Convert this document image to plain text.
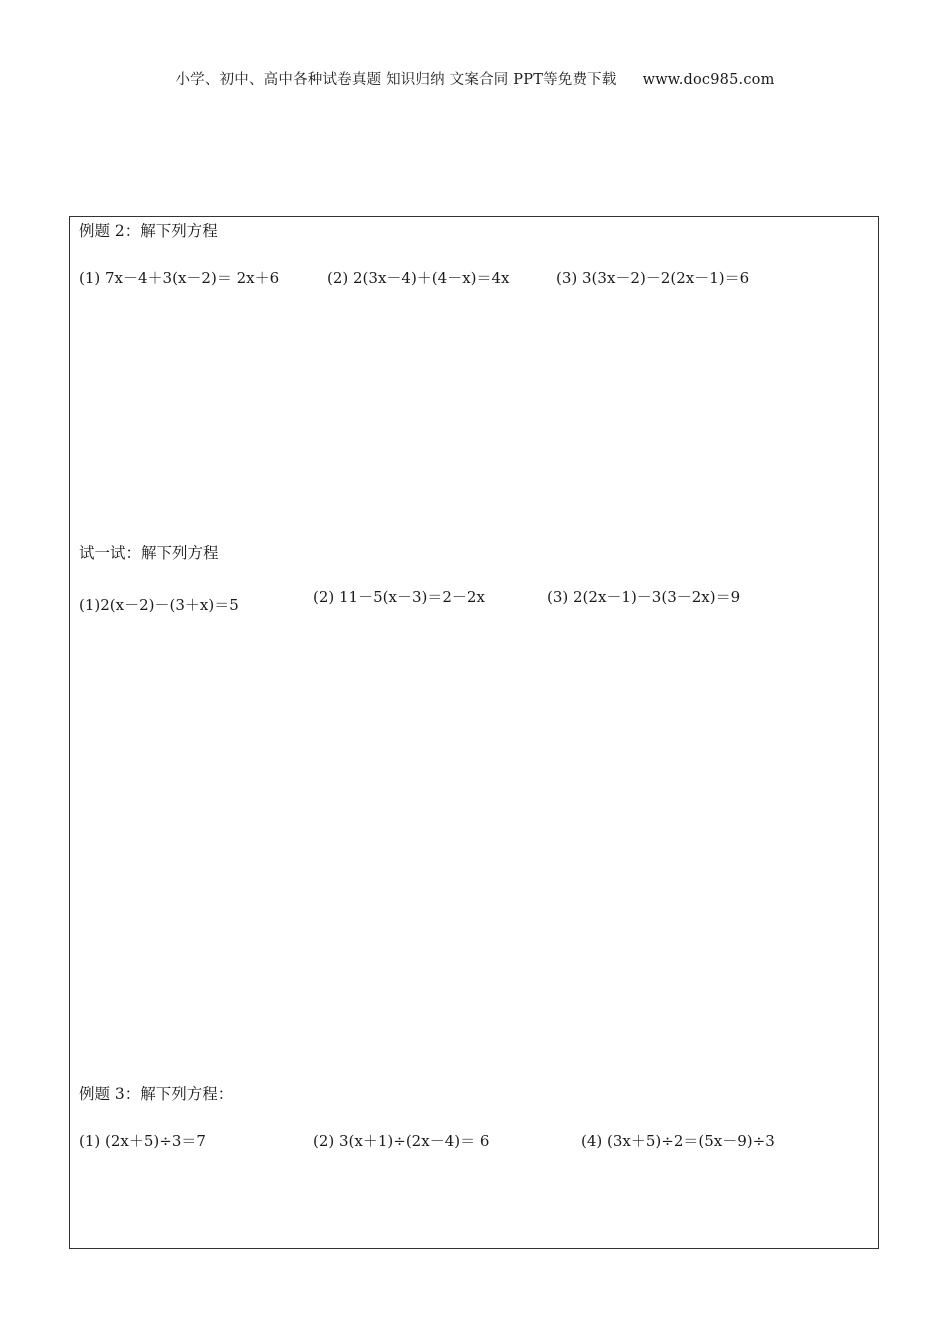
小学、初中、高中各种试卷真题 知识归纳 文案合同 PPT等免费下载 www.doc985.com
例题 2：解下列方程
(1) 7x－4＋3(x－2)＝ 2x＋6	(2) 2(3x－4)＋(4－x)＝4x	(3) 3(3x－2)－2(2x－1)＝6
试一试：解下列方程
(1)2(x－2)－(3＋x)＝5	(2) 11－5(x－3)＝2－2x	(3) 2(2x－1)－3(3－2x)＝9
例题 3：解下列方程：
(1) (2x＋5)÷3＝7	(2) 3(x＋1)÷(2x－4)＝ 6	(4) (3x＋5)÷2＝(5x－9)÷3
